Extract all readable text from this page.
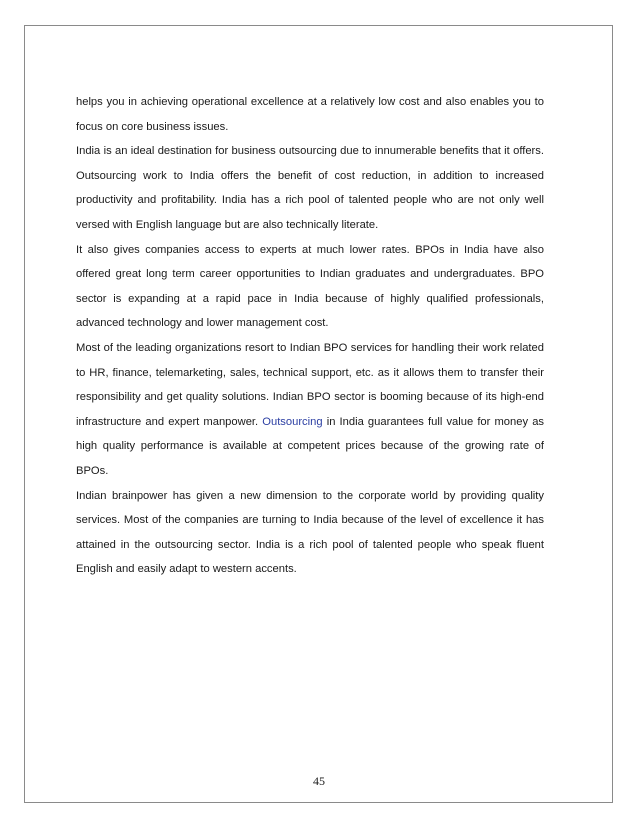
helps you in achieving operational excellence at a relatively low cost and also enables you to focus on core business issues.

India is an ideal destination for business outsourcing due to innumerable benefits that it offers. Outsourcing work to India offers the benefit of cost reduction, in addition to increased productivity and profitability. India has a rich pool of talented people who are not only well versed with English language but are also technically literate.

It also gives companies access to experts at much lower rates. BPOs in India have also offered great long term career opportunities to Indian graduates and undergraduates. BPO sector is expanding at a rapid pace in India because of highly qualified professionals, advanced technology and lower management cost.

Most of the leading organizations resort to Indian BPO services for handling their work related to HR, finance, telemarketing, sales, technical support, etc. as it allows them to transfer their responsibility and get quality solutions. Indian BPO sector is booming because of its high-end infrastructure and expert manpower. Outsourcing in India guarantees full value for money as high quality performance is available at competent prices because of the growing rate of BPOs.

Indian brainpower has given a new dimension to the corporate world by providing quality services. Most of the companies are turning to India because of the level of excellence it has attained in the outsourcing sector. India is a rich pool of talented people who speak fluent English and easily adapt to western accents.

45
